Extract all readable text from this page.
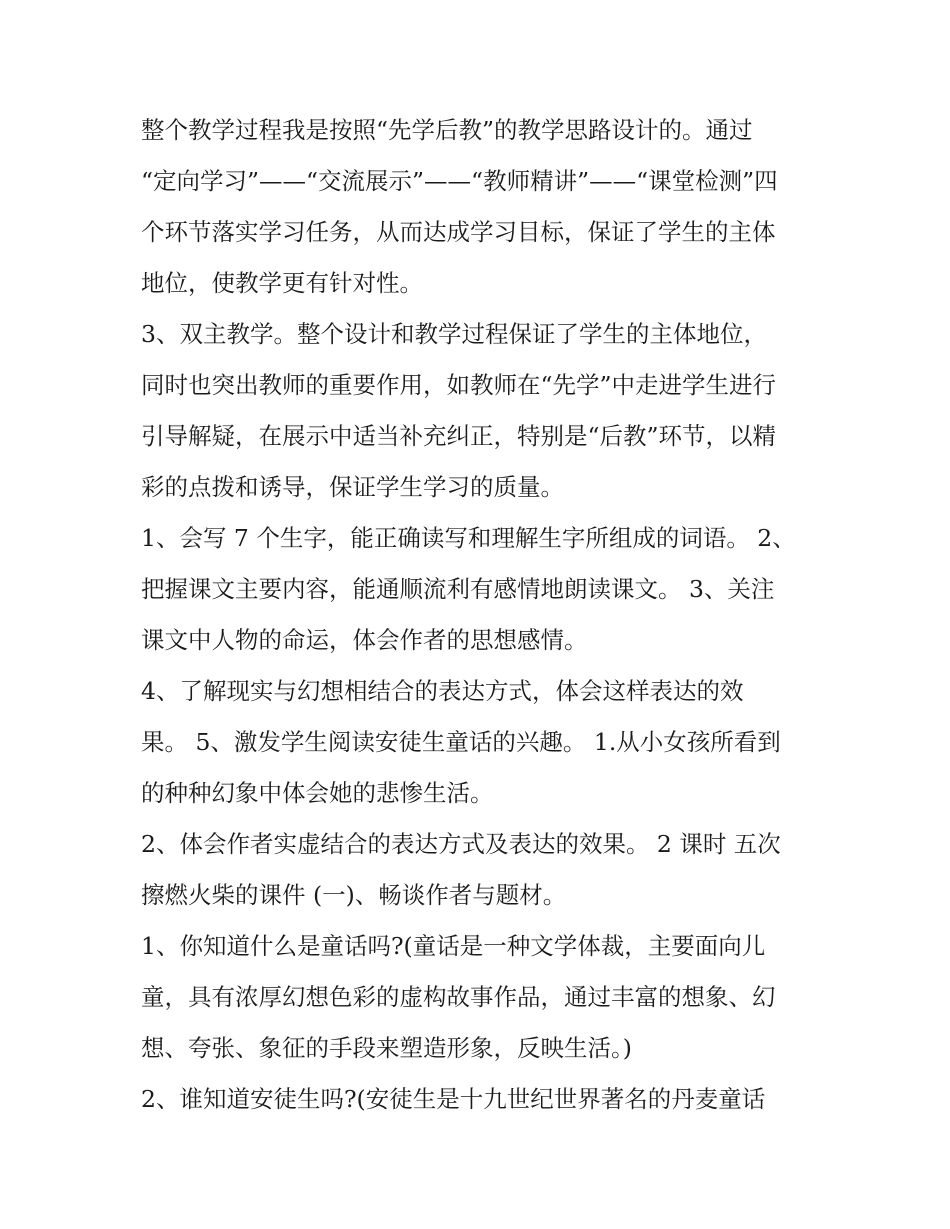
整个教学过程我是按照“先学后教”的教学思路设计的。通过
“定向学习”——“交流展示”——“教师精讲”——“课堂检测”四
个环节落实学习任务，从而达成学习目标，保证了学生的主体
地位，使教学更有针对性。
3、双主教学。整个设计和教学过程保证了学生的主体地位，
同时也突出教师的重要作用，如教师在“先学”中走进学生进行
引导解疑，在展示中适当补充纠正，特别是“后教”环节，以精
彩的点拨和诱导，保证学生学习的质量。
1、会写 7 个生字，能正确读写和理解生字所组成的词语。 2、
把握课文主要内容，能通顺流利有感情地朗读课文。 3、关注
课文中人物的命运，体会作者的思想感情。
4、了解现实与幻想相结合的表达方式，体会这样表达的效
果。 5、激发学生阅读安徒生童话的兴趣。 1.从小女孩所看到
的种种幻象中体会她的悲惨生活。
2、体会作者实虚结合的表达方式及表达的效果。 2 课时 五次
擦燃火柴的课件 (一)、畅谈作者与题材。
1、你知道什么是童话吗?(童话是一种文学体裁，主要面向儿
童，具有浓厚幻想色彩的虚构故事作品，通过丰富的想象、幻
想、夸张、象征的手段来塑造形象，反映生活。)
2、谁知道安徒生吗?(安徒生是十九世纪世界著名的丹麦童话
